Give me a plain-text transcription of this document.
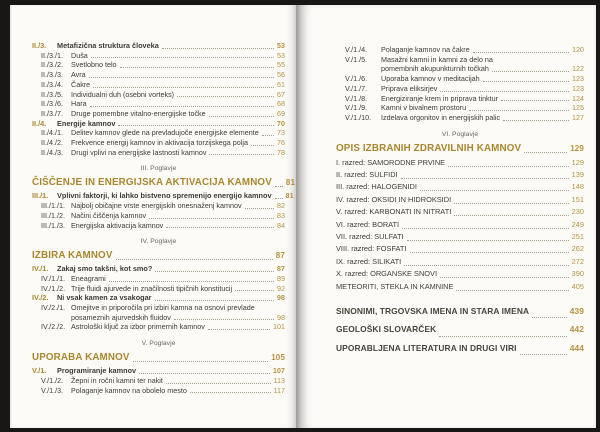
II./3.	Metafizična struktura človeka	53
II./3./1.	Duša	53
II./3./2.	Svetlobno telo	55
II./3./3.	Avra	56
II./3./4.	Čakre	61
II./3./5.	Individualni duh (osebni vorteks)	67
II./3./6.	Hara	68
II./3./7.	Druge pomembne vitalno-energijske točke	69
II./4.	Energije kamnov	70
II./4./1.	Delitev kamnov glede na prevladujoče energijske elemente	73
II./4./2.	Frekvence energij kamnov in aktivacija torzijskega polja	76
II./4./3.	Drugi vplivi na energijske lastnosti kamnov	78
III. Poglavje
ČIŠČENJE IN ENERGIJSKA AKTIVACIJA KAMNOV 81
III./1.	Vplivni faktorji, ki lahko bistveno spremenijo energijo kamnov 81
III./1./1. Najbolj običajne vrste energijskih onesnaženj kamnov	82
III./1./2. Načini čiščenja kamnov	83
III./1./3. Energijska aktivacija kamnov	84
IV. Poglavje
IZBIRA KAMNOV	87
IV./1.	Zakaj smo takšni, kot smo?	87
IV./1./1. Eneagrami	89
IV./1./2. Trije fluidi ajurvede in značilnosti tipičnih konstitucij	92
IV./2.	Ni vsak kamen za vsakogar	98
IV./2./1. Omejitve in priporočila pri izbiri kamna na osnovi prevlade
posameznih ajurvedskih fluidov	98
IV./2./2. Astrološki ključ za izbor primernih kamnov	101
V. Poglavje
UPORABA KAMNOV	105
V./1.	Programiranje kamnov	107
V./1./2.	Žepni in ročni kamni ter nakit	113
V./1./3.	Polaganje kamnov na obolelo mesto	117
V./1./4.	Polaganje kamnov na čakre	120
V./1./5.	Masažni kamni in kamni za delo na
pomembnih akupunkturnih točkah	122
V./1./6.	Uporaba kamnov v meditacijah	123
V./1./7.	Priprava eliksirjev	123
V./1./8.	Energiziranje krem in priprava tinktur	124
V./1./9.	Kamni v bivalnem prostoru	125
V./1./10.	Izdelava orgonitov in energijskih palic	127
VI. Poglavje
OPIS IZBRANIH ZDRAVILNIH KAMNOV	129
I. razred: SAMORODNE PRVINE	129
II. razred: SULFIDI	139
III. razred: HALOGENIDI	148
IV. razred: OKSIDI IN HIDROKSIDI	151
V. razred: KARBONATI IN NITRATI	230
VI. razred: BORATI	249
VII. razred: SULFATI	251
VIII. razred: FOSFATI	262
IX. razred: SILIKATI	272
X. razred: ORGANSKE SNOVI	390
METEORITI, STEKLA IN KAMNINE	405
SINONIMI, TRGOVSKA IMENA IN STARA IMENA	439
GEOLOŠKI SLOVARČEK	442
UPORABLJENA LITERATURA IN DRUGI VIRI	444
